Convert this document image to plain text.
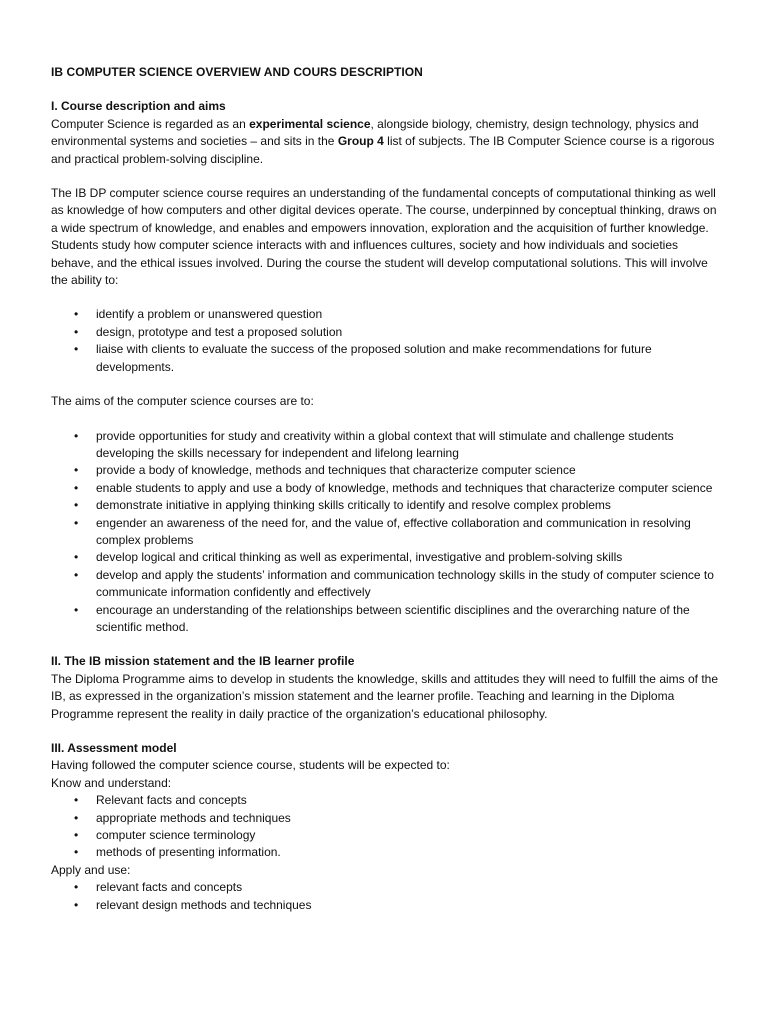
IB COMPUTER SCIENCE OVERVIEW AND COURS DESCRIPTION

I. Course description and aims

Computer Science is regarded as an experimental science, alongside biology, chemistry, design technology, physics and environmental systems and societies – and sits in the Group 4 list of subjects. The IB Computer Science course is a rigorous and practical problem-solving discipline.

The IB DP computer science course requires an understanding of the fundamental concepts of computational thinking as well as knowledge of how computers and other digital devices operate. The course, underpinned by conceptual thinking, draws on a wide spectrum of knowledge, and enables and empowers innovation, exploration and the acquisition of further knowledge. Students study how computer science interacts with and influences cultures, society and how individuals and societies behave, and the ethical issues involved. During the course the student will develop computational solutions. This will involve the ability to:

• identify a problem or unanswered question
• design, prototype and test a proposed solution
• liaise with clients to evaluate the success of the proposed solution and make recommendations for future developments.

The aims of the computer science courses are to:

• provide opportunities for study and creativity within a global context that will stimulate and challenge students developing the skills necessary for independent and lifelong learning
• provide a body of knowledge, methods and techniques that characterize computer science
• enable students to apply and use a body of knowledge, methods and techniques that characterize computer science
• demonstrate initiative in applying thinking skills critically to identify and resolve complex problems
• engender an awareness of the need for, and the value of, effective collaboration and communication in resolving complex problems
• develop logical and critical thinking as well as experimental, investigative and problem-solving skills
• develop and apply the students’ information and communication technology skills in the study of computer science to communicate information confidently and effectively
• encourage an understanding of the relationships between scientific disciplines and the overarching nature of the scientific method.

II. The IB mission statement and the IB learner profile

The Diploma Programme aims to develop in students the knowledge, skills and attitudes they will need to fulfill the aims of the IB, as expressed in the organization’s mission statement and the learner profile. Teaching and learning in the Diploma Programme represent the reality in daily practice of the organization’s educational philosophy.

III. Assessment model

Having followed the computer science course, students will be expected to:

Know and understand:

• Relevant facts and concepts
• appropriate methods and techniques
• computer science terminology
• methods of presenting information.

Apply and use:

• relevant facts and concepts
• relevant design methods and techniques
